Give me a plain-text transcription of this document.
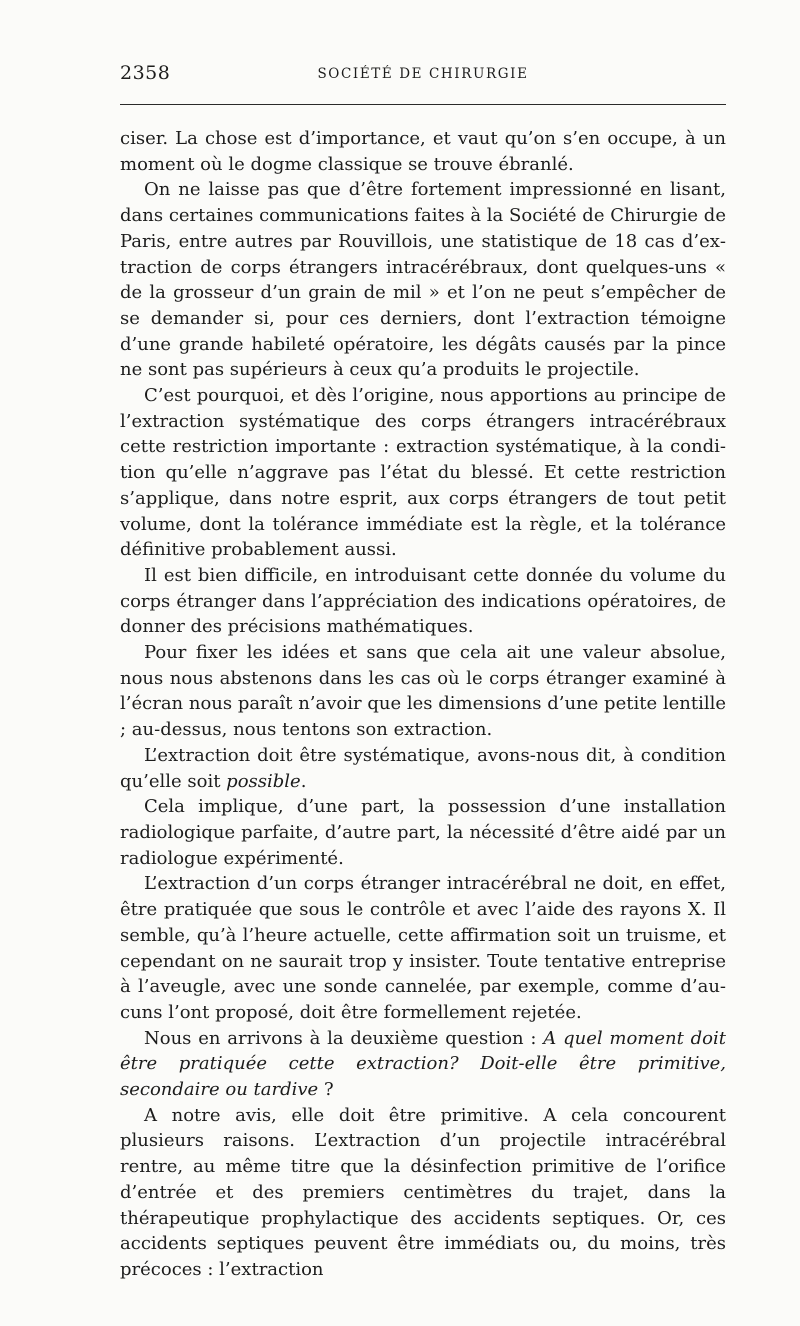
2358	SOCIÉTÉ DE CHIRURGIE

ciser. La chose est d’importance, et vaut qu’on s’en occupe, à un moment où le dogme classique se trouve ébranlé.

On ne laisse pas que d’être fortement impressionné en lisant, dans certaines communications faites à la Société de Chirurgie de Paris, entre autres par Rouvillois, une statistique de 18 cas d’extraction de corps étrangers intracérébraux, dont quelques-uns « de la grosseur d’un grain de mil » et l’on ne peut s’empêcher de se demander si, pour ces derniers, dont l’extraction témoigne d’une grande habileté opératoire, les dégâts causés par la pince ne sont pas supérieurs à ceux qu’a produits le projectile.

C’est pourquoi, et dès l’origine, nous apportions au principe de l’extraction systématique des corps étrangers intracérébraux cette restriction importante : extraction systématique, à la condition qu’elle n’aggrave pas l’état du blessé. Et cette restriction s’applique, dans notre esprit, aux corps étrangers de tout petit volume, dont la tolérance immédiate est la règle, et la tolérance définitive probablement aussi.

Il est bien difficile, en introduisant cette donnée du volume du corps étranger dans l’appréciation des indications opératoires, de donner des précisions mathématiques.

Pour fixer les idées et sans que cela ait une valeur absolue, nous nous abstenons dans les cas où le corps étranger examiné à l’écran nous paraît n’avoir que les dimensions d’une petite lentille ; au-dessus, nous tentons son extraction.

L’extraction doit être systématique, avons-nous dit, à condition qu’elle soit possible.

Cela implique, d’une part, la possession d’une installation radiologique parfaite, d’autre part, la nécessité d’être aidé par un radiologue expérimenté.

L’extraction d’un corps étranger intracérébral ne doit, en effet, être pratiquée que sous le contrôle et avec l’aide des rayons X. Il semble, qu’à l’heure actuelle, cette affirmation soit un truisme, et cependant on ne saurait trop y insister. Toute tentative entreprise à l’aveugle, avec une sonde cannelée, par exemple, comme d’aucuns l’ont proposé, doit être formellement rejetée.

Nous en arrivons à la deuxième question : A quel moment doit être pratiquée cette extraction? Doit-elle être primitive, secondaire ou tardive ?

A notre avis, elle doit être primitive. A cela concourent plusieurs raisons. L’extraction d’un projectile intracérébral rentre, au même titre que la désinfection primitive de l’orifice d’entrée et des premiers centimètres du trajet, dans la thérapeutique prophylactique des accidents septiques. Or, ces accidents septiques peuvent être immédiats ou, du moins, très précoces : l’extraction
